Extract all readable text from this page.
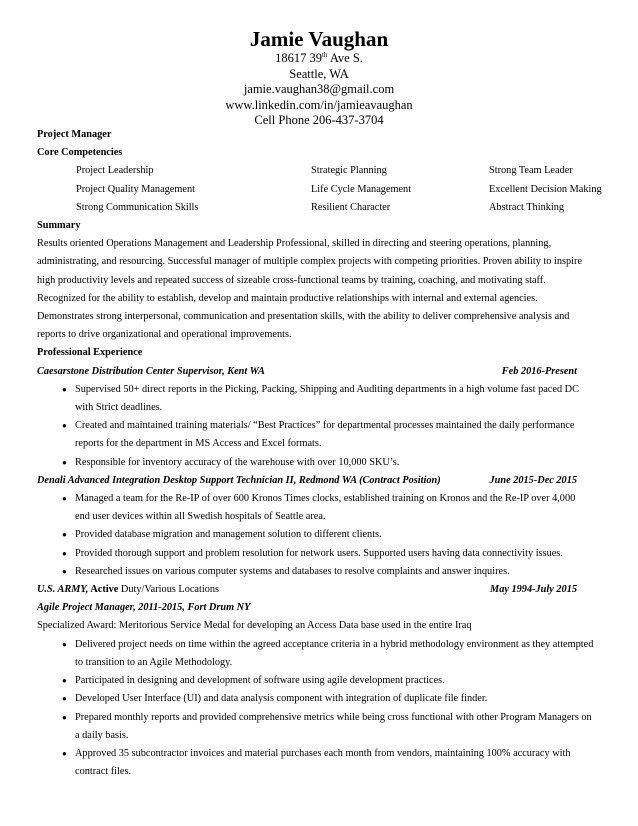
Jamie Vaughan
18617 39th Ave S.
Seattle, WA
jamie.vaughan38@gmail.com
www.linkedin.com/in/jamieavaughan
Cell Phone 206-437-3704
Project Manager
Core Competencies
Project Leadership	Strategic Planning	Strong Team Leader
Project Quality Management	Life Cycle Management	Excellent Decision Making
Strong Communication Skills	Resilient Character	Abstract Thinking
Summary
Results oriented Operations Management and Leadership Professional, skilled in directing and steering operations, planning,
administrating, and resourcing. Successful manager of multiple complex projects with competing priorities. Proven ability to inspire
high productivity levels and repeated success of sizeable cross-functional teams by training, coaching, and motivating staff.
Recognized for the ability to establish, develop and maintain productive relationships with internal and external agencies.
Demonstrates strong interpersonal, communication and presentation skills, with the ability to deliver comprehensive analysis and
reports to drive organizational and operational improvements.
Professional Experience
Caesarstone Distribution Center Supervisor, Kent WA	Feb 2016-Present
● Supervised 50+ direct reports in the Picking, Packing, Shipping and Auditing departments in a high volume fast paced DC
with Strict deadlines.
● Created and maintained training materials/ “Best Practices” for departmental processes maintained the daily performance
reports for the department in MS Access and Excel formats.
● Responsible for inventory accuracy of the warehouse with over 10,000 SKU’s.
Denali Advanced Integration Desktop Support Technician II, Redmond WA (Contract Position)	June 2015-Dec 2015
● Managed a team for the Re-IP of over 600 Kronos Times clocks, established training on Kronos and the Re-IP over 4,000
end user devices within all Swedish hospitals of Seattle area.
● Provided database migration and management solution to different clients.
● Provided thorough support and problem resolution for network users. Supported users having data connectivity issues.
● Researched issues on various computer systems and databases to resolve complaints and answer inquires.
U.S. ARMY, Active Duty/Various Locations	May 1994-July 2015
Agile Project Manager, 2011-2015, Fort Drum NY
Specialized Award: Meritorious Service Medal for developing an Access Data base used in the entire Iraq
● Delivered project needs on time within the agreed acceptance criteria in a hybrid methodology environment as they attempted
to transition to an Agile Methodology.
● Participated in designing and development of software using agile development practices.
● Developed User Interface (UI) and data analysis component with integration of duplicate file finder.
● Prepared monthly reports and provided comprehensive metrics while being cross functional with other Program Managers on
a daily basis.
● Approved 35 subcontractor invoices and material purchases each month from vendors, maintaining 100% accuracy with
contract files.
